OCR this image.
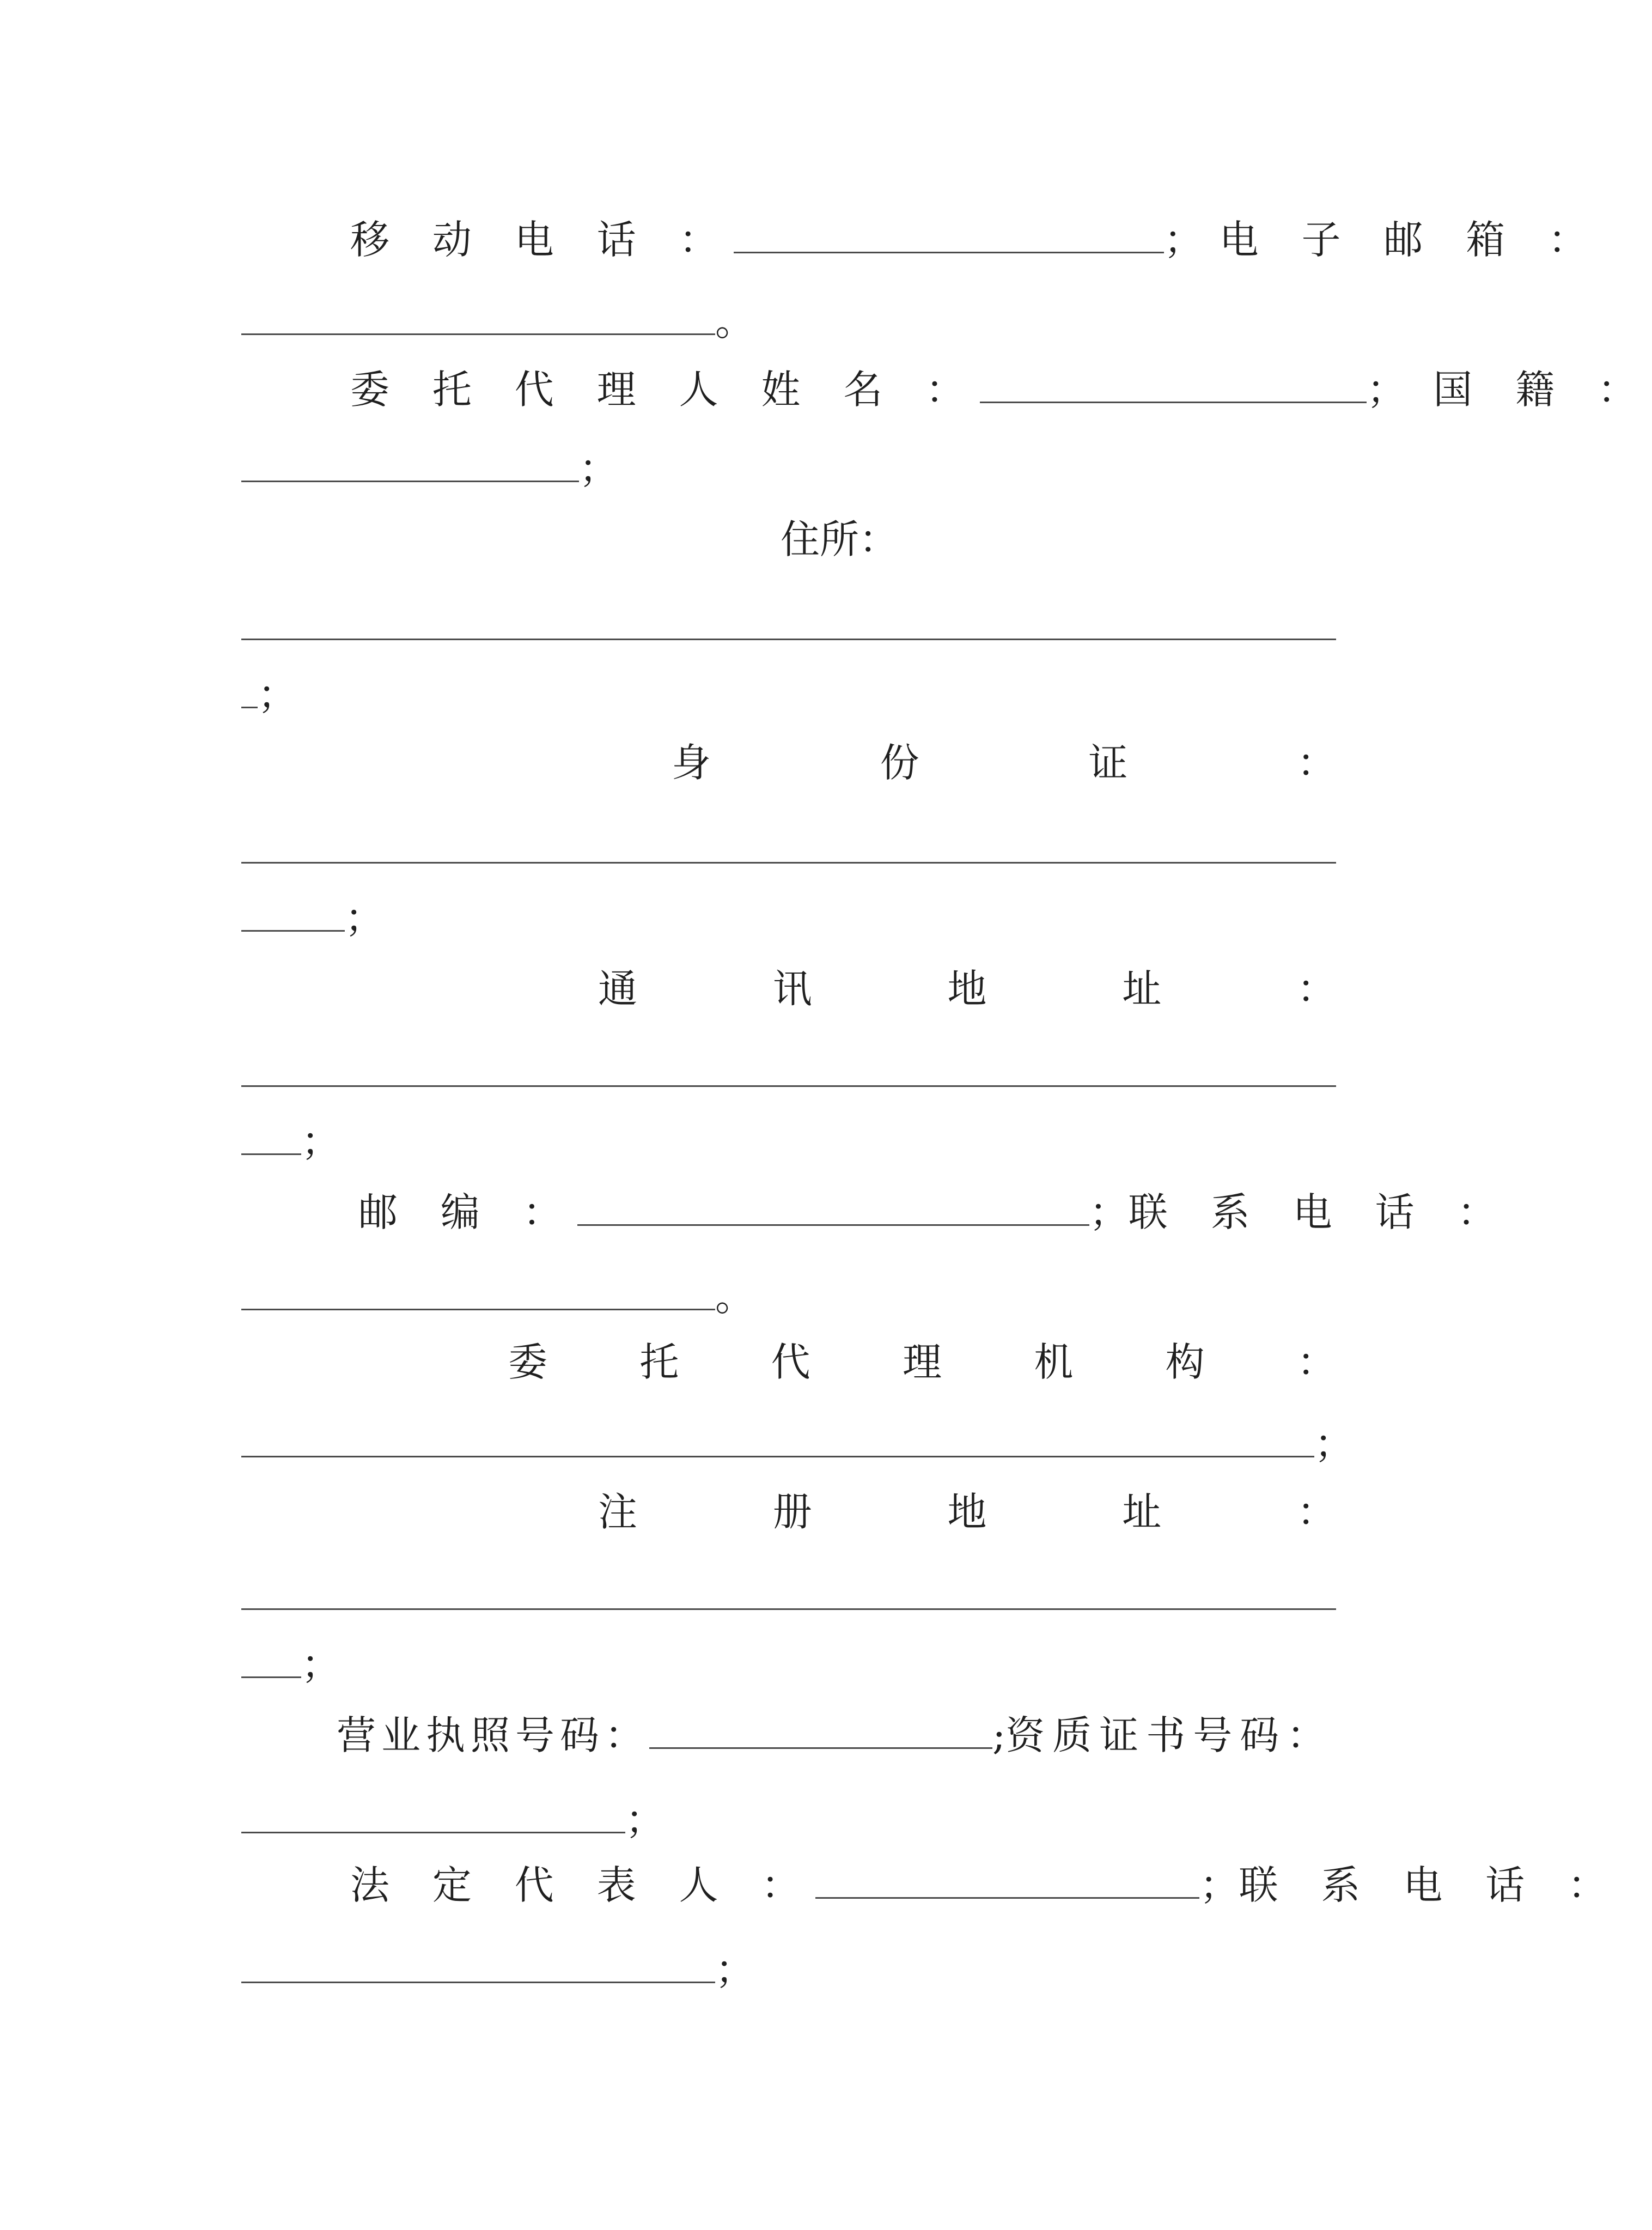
移 动 电 话 ：	； 电 子 邮 箱 ：
。
委 托 代 理 人 姓 名 ：	； 国 籍 ：
；
住 所 ：
；
身	份	证	：
；
通	讯	地	址	：
；
邮 编 ：	；联 系 电 话 ：
。
委 托 代 理 机 构 ：
；
注	册	地	址	：
；
营业执照号码：	;资质证书号码：
；
法 定 代 表 人 ：	；联 系 电 话 ：
；
